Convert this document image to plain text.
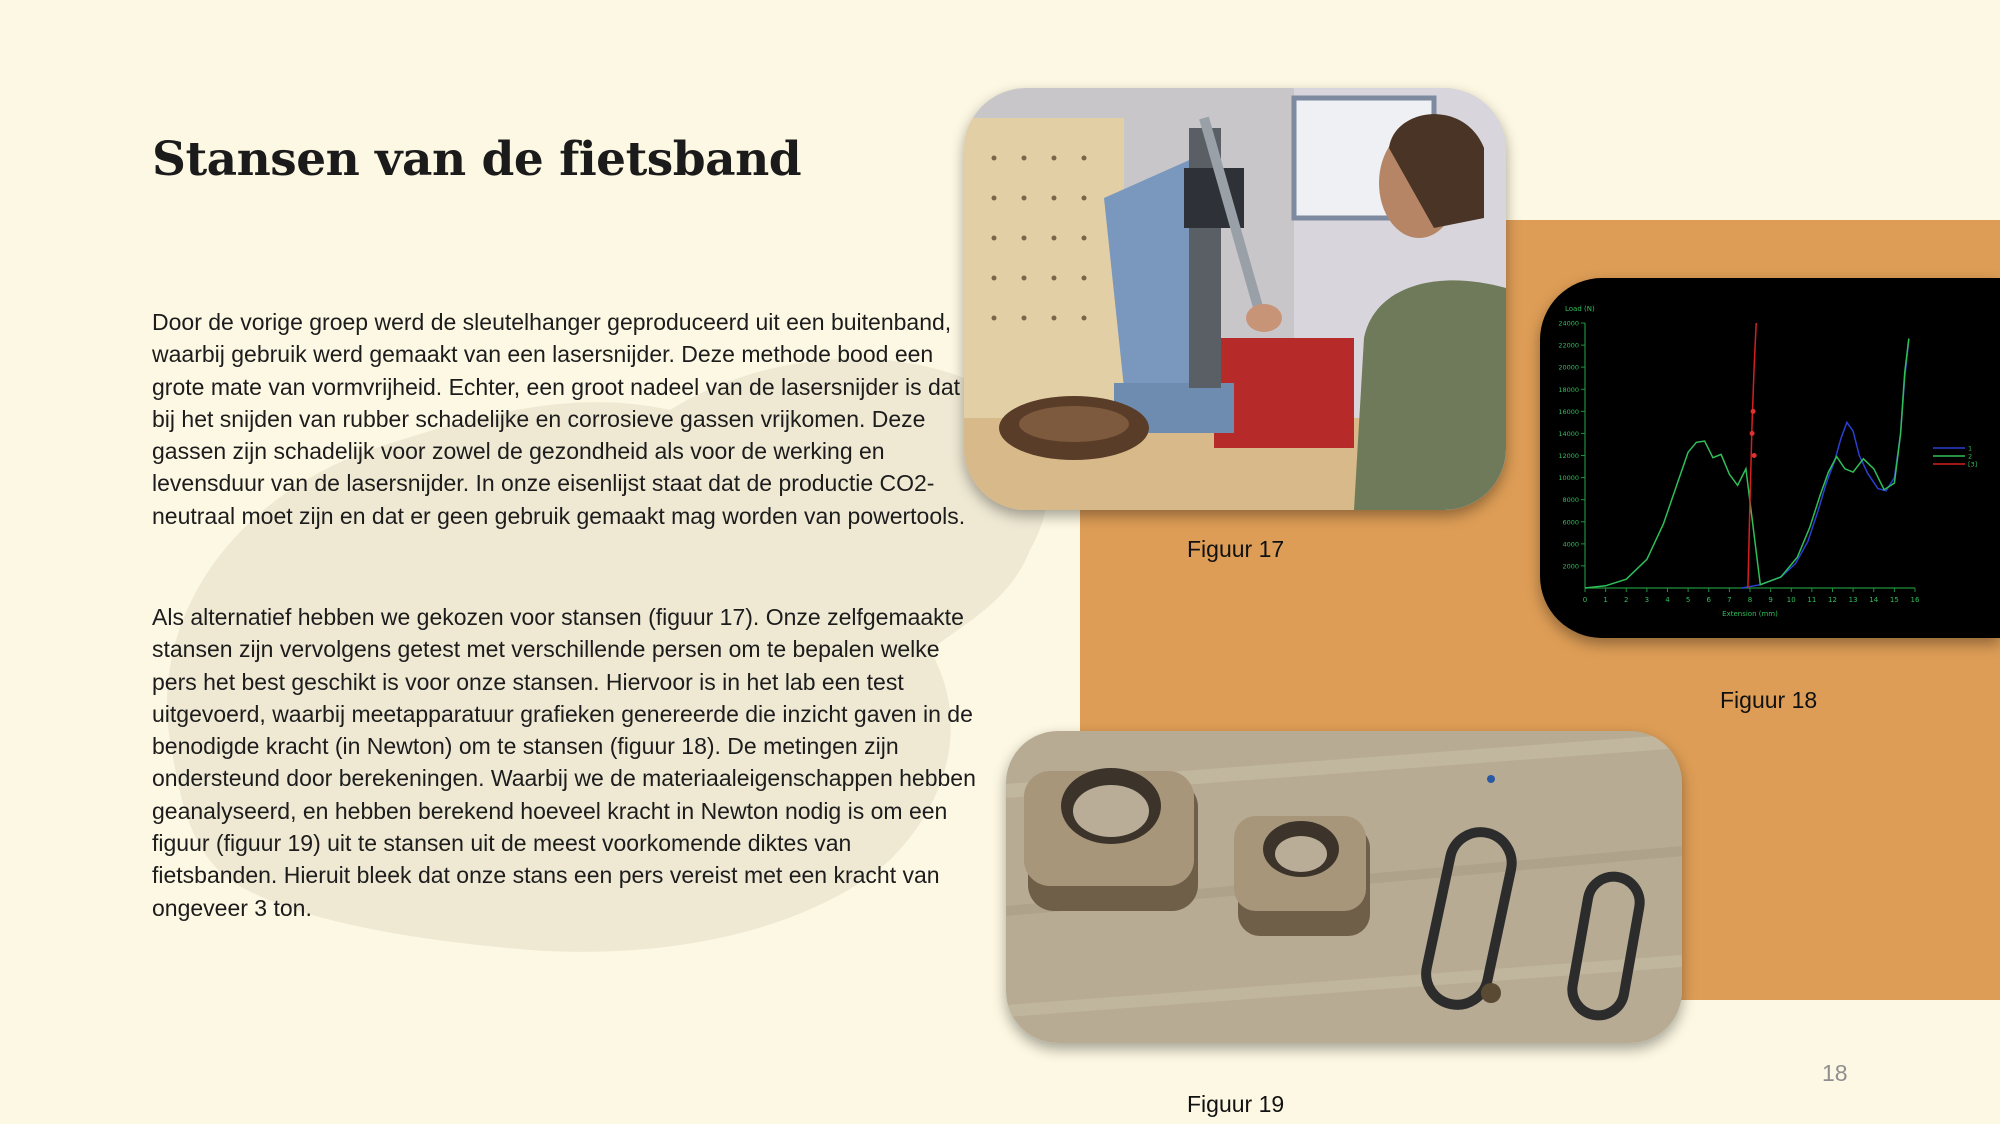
Stansen van de fietsband

Door de vorige groep werd de sleutelhanger geproduceerd uit een buitenband, waarbij gebruik werd gemaakt van een lasersnijder. Deze methode bood een grote mate van vormvrijheid. Echter, een groot nadeel van de lasersnijder is dat bij het snijden van rubber schadelijke en corrosieve gassen vrijkomen. Deze gassen zijn schadelijk voor zowel de gezondheid als voor de werking en levensduur van de lasersnijder. In onze eisenlijst staat dat de productie CO2-neutraal moet zijn en dat er geen gebruik gemaakt mag worden van powertools.

Als alternatief hebben we gekozen voor stansen (figuur 17). Onze zelfgemaakte stansen zijn vervolgens getest met verschillende persen om te bepalen welke pers het best geschikt is voor onze stansen. Hiervoor is in het lab een test uitgevoerd, waarbij meetapparatuur grafieken genereerde die inzicht gaven in de benodigde kracht (in Newton) om te stansen (figuur 18). De metingen zijn ondersteund door berekeningen. Waarbij we de materiaaleigenschappen hebben geanalyseerd, en hebben berekend hoeveel kracht in Newton nodig is om een figuur (figuur 19) uit te stansen uit de meest voorkomende diktes van fietsbanden. Hieruit bleek dat onze stans een pers vereist met een kracht van ongeveer 3 ton.

Figuur 17
0 1 2 3 4 5 6 7 8 9 10 11 12 13 14 15 16
2000
4000
6000
8000
10000
12000
14000
16000
18000
20000
22000
24000
Load (N)
Extension (mm)
1
2
[3]
Figuur 18
Figuur 19
18
